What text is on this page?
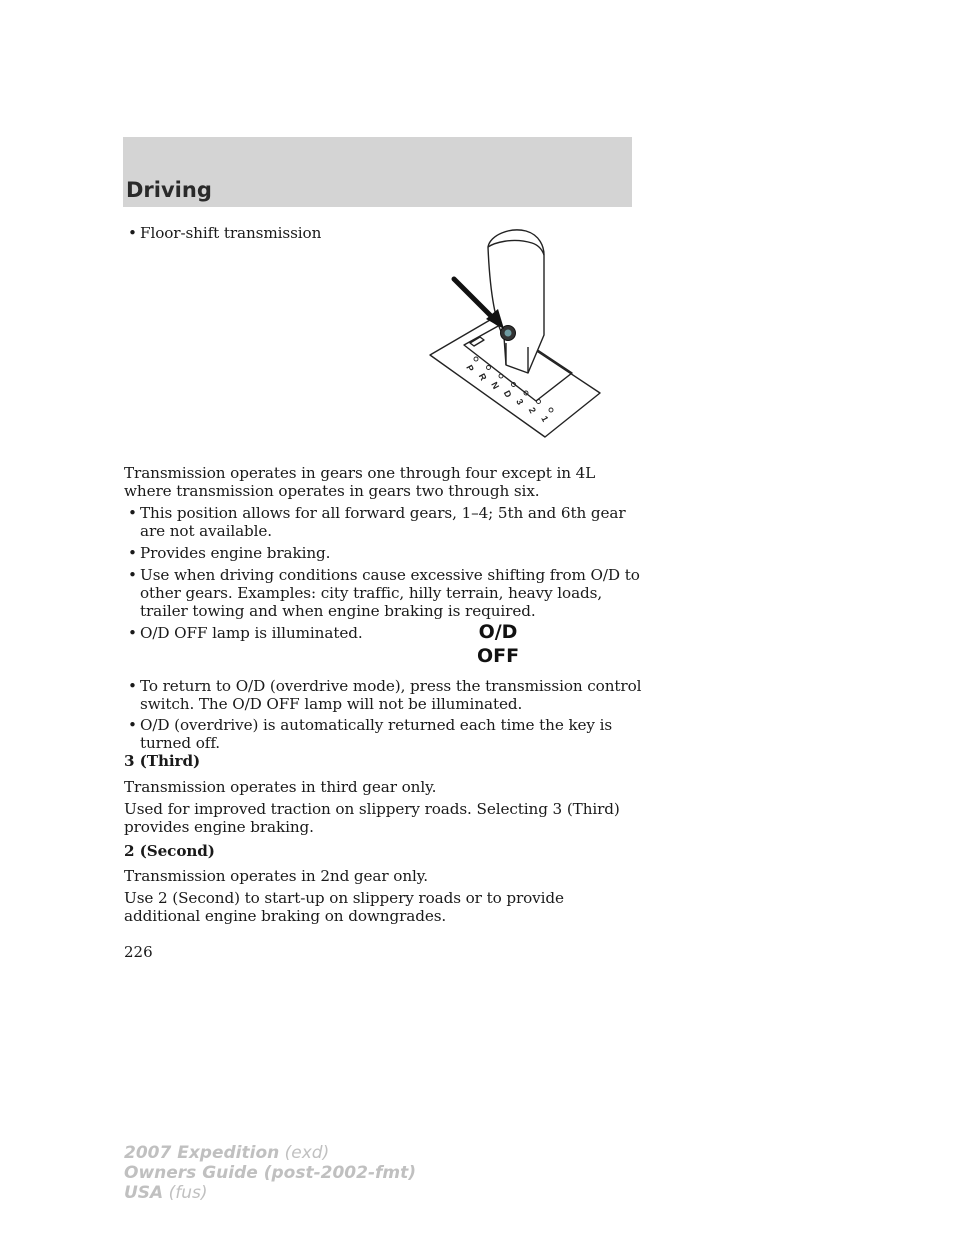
Driving
• Floor-shift transmission
P
R
N
D
3
2
1

Transmission operates in gears one through four except in 4L where transmission operates in gears two through six.

• This position allows for all forward gears, 1–4; 5th and 6th gear are not available.
• Provides engine braking.
• Use when driving conditions cause excessive shifting from O/D to other gears. Examples: city traffic, hilly terrain, heavy loads, trailer towing and when engine braking is required.
• O/D OFF lamp is illuminated.	O/D
OFF
• To return to O/D (overdrive mode), press the transmission control switch. The O/D OFF lamp will not be illuminated.
• O/D (overdrive) is automatically returned each time the key is turned off.

3 (Third)

Transmission operates in third gear only.

Used for improved traction on slippery roads. Selecting 3 (Third) provides engine braking.

2 (Second)

Transmission operates in 2nd gear only.

Use 2 (Second) to start-up on slippery roads or to provide additional engine braking on downgrades.

226
2007 Expedition (exd)
Owners Guide (post-2002-fmt)
USA (fus)
